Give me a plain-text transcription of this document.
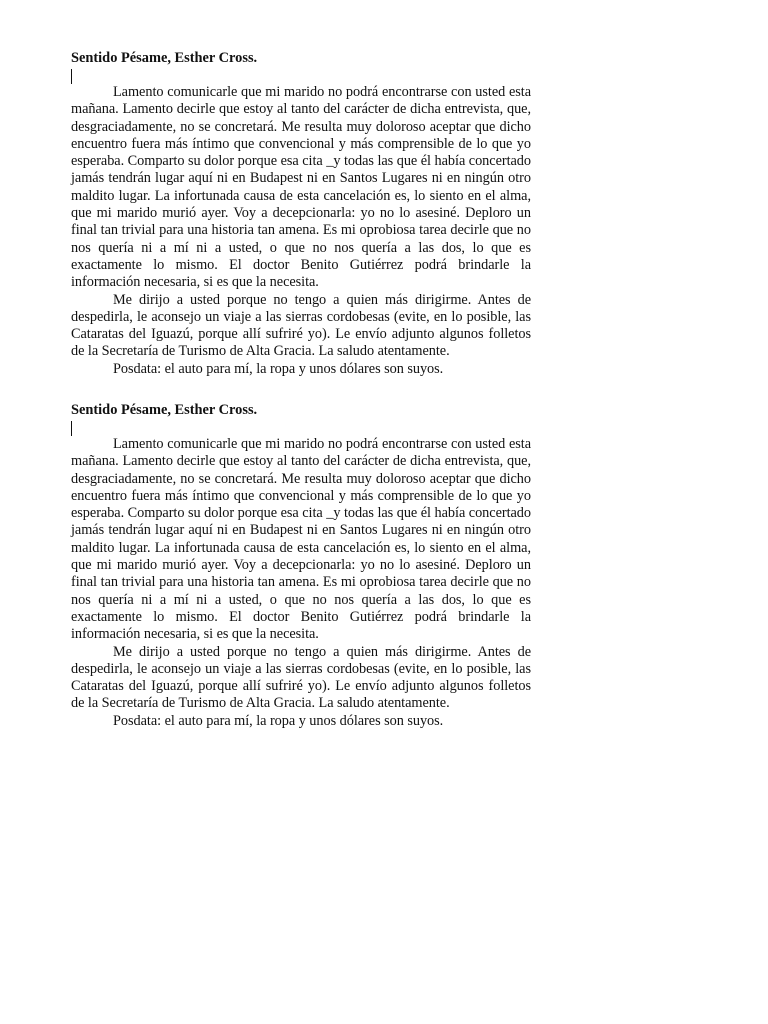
Sentido Pésame, Esther Cross.

Lamento comunicarle que mi marido no podrá encontrarse con usted esta mañana. Lamento decirle que estoy al tanto del carácter de dicha entrevista, que, desgraciadamente, no se concretará. Me resulta muy doloroso aceptar que dicho encuentro fuera más íntimo que convencional y más comprensible de lo que yo esperaba. Comparto su dolor porque esa cita _y todas las que él había concertado jamás tendrán lugar aquí ni en Budapest ni en Santos Lugares ni en ningún otro maldito lugar. La infortunada causa de esta cancelación es, lo siento en el alma, que mi marido murió ayer. Voy a decepcionarla: yo no lo asesiné. Deploro un final tan trivial para una historia tan amena. Es mi oprobiosa tarea decirle que no nos quería ni a mí ni a usted, o que no nos quería a las dos, lo que es exactamente lo mismo. El doctor Benito Gutiérrez podrá brindarle la información necesaria, si es que la necesita.

Me dirijo a usted porque no tengo a quien más dirigirme. Antes de despedirla, le aconsejo un viaje a las sierras cordobesas (evite, en lo posible, las Cataratas del Iguazú, porque allí sufriré yo). Le envío adjunto algunos folletos de la Secretaría de Turismo de Alta Gracia. La saludo atentamente.

Posdata: el auto para mí, la ropa y unos dólares son suyos.

Sentido Pésame, Esther Cross.

Lamento comunicarle que mi marido no podrá encontrarse con usted esta mañana. Lamento decirle que estoy al tanto del carácter de dicha entrevista, que, desgraciadamente, no se concretará. Me resulta muy doloroso aceptar que dicho encuentro fuera más íntimo que convencional y más comprensible de lo que yo esperaba. Comparto su dolor porque esa cita _y todas las que él había concertado jamás tendrán lugar aquí ni en Budapest ni en Santos Lugares ni en ningún otro maldito lugar. La infortunada causa de esta cancelación es, lo siento en el alma, que mi marido murió ayer. Voy a decepcionarla: yo no lo asesiné. Deploro un final tan trivial para una historia tan amena. Es mi oprobiosa tarea decirle que no nos quería ni a mí ni a usted, o que no nos quería a las dos, lo que es exactamente lo mismo. El doctor Benito Gutiérrez podrá brindarle la información necesaria, si es que la necesita.

Me dirijo a usted porque no tengo a quien más dirigirme. Antes de despedirla, le aconsejo un viaje a las sierras cordobesas (evite, en lo posible, las Cataratas del Iguazú, porque allí sufriré yo). Le envío adjunto algunos folletos de la Secretaría de Turismo de Alta Gracia. La saludo atentamente.

Posdata: el auto para mí, la ropa y unos dólares son suyos.
